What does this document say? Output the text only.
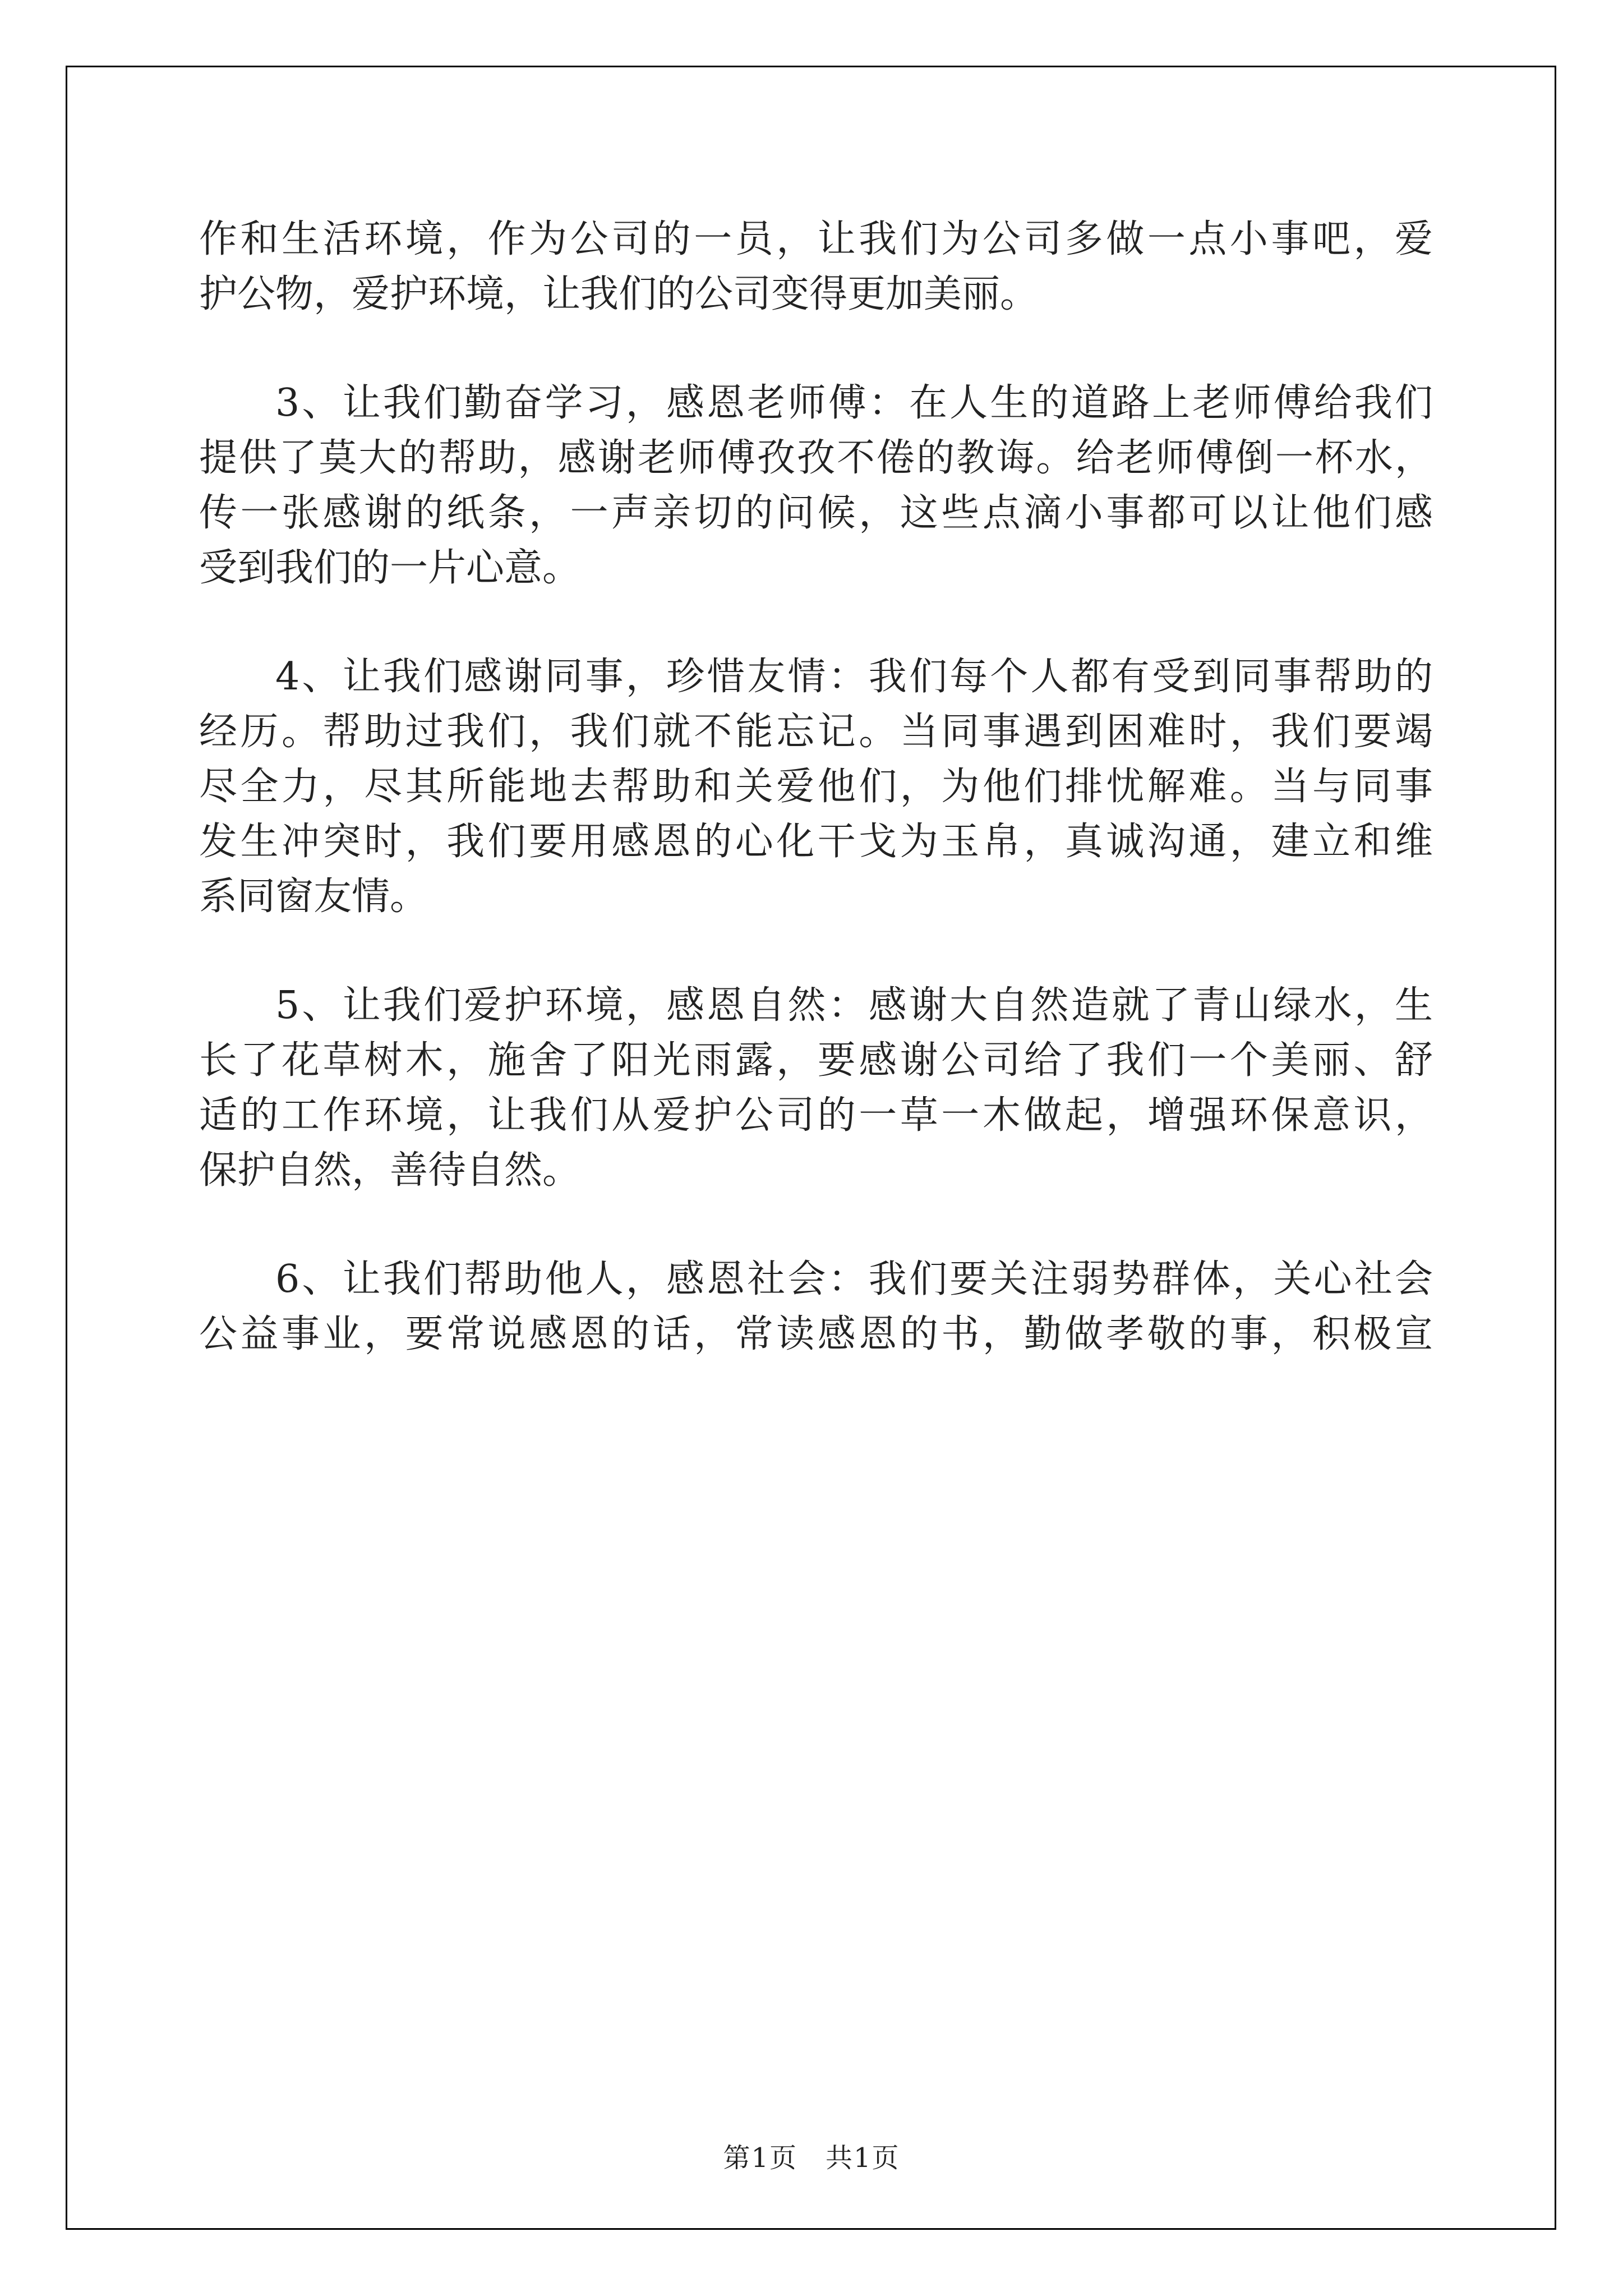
作和生活环境，作为公司的一员，让我们为公司多做一点小事吧，爱
护公物，爱护环境，让我们的公司变得更加美丽。
3、让我们勤奋学习，感恩老师傅：在人生的道路上老师傅给我们
提供了莫大的帮助，感谢老师傅孜孜不倦的教诲。给老师傅倒一杯水，
传一张感谢的纸条，一声亲切的问候，这些点滴小事都可以让他们感
受到我们的一片心意。
4、让我们感谢同事，珍惜友情：我们每个人都有受到同事帮助的
经历。帮助过我们，我们就不能忘记。当同事遇到困难时，我们要竭
尽全力，尽其所能地去帮助和关爱他们，为他们排忧解难。当与同事
发生冲突时，我们要用感恩的心化干戈为玉帛，真诚沟通，建立和维
系同窗友情。
5、让我们爱护环境，感恩自然：感谢大自然造就了青山绿水，生
长了花草树木，施舍了阳光雨露，要感谢公司给了我们一个美丽、舒
适的工作环境，让我们从爱护公司的一草一木做起，增强环保意识，
保护自然，善待自然。
6、让我们帮助他人，感恩社会：我们要关注弱势群体，关心社会
公益事业，要常说感恩的话，常读感恩的书，勤做孝敬的事，积极宣
第1页　共1页
